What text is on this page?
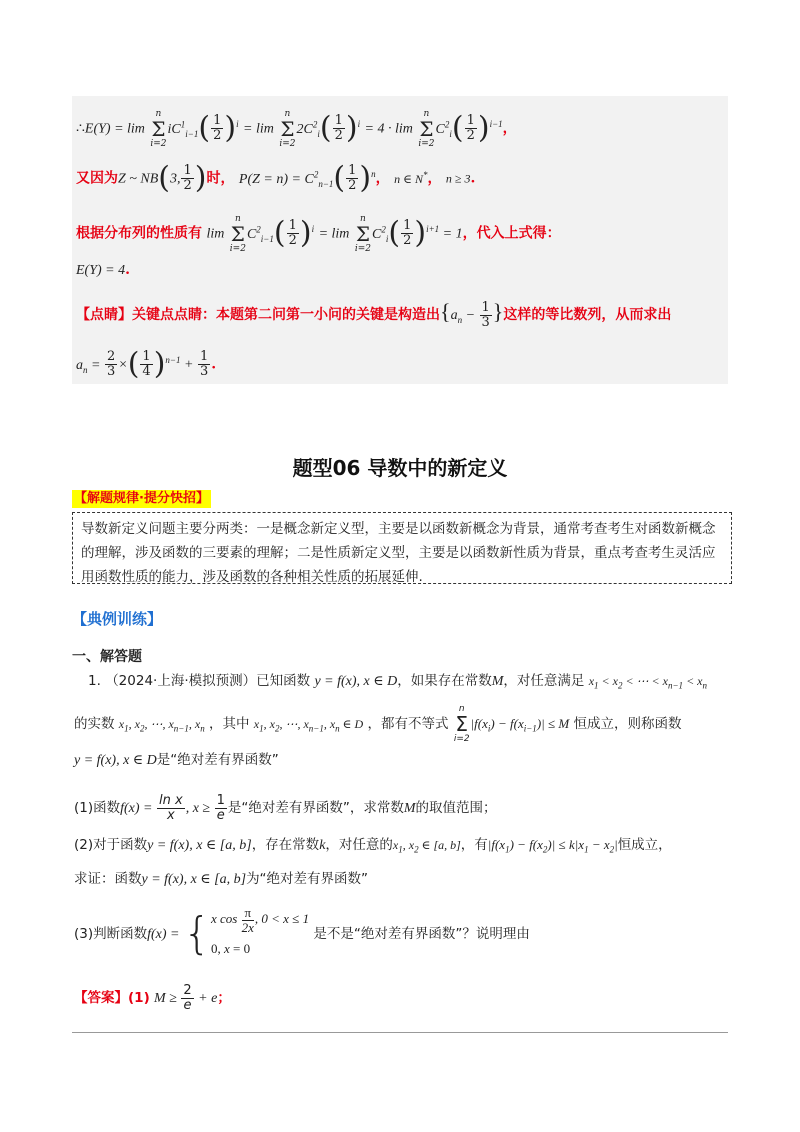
∴E(Y) = lim
n
Σ
i=2
$iC^1_{i-1}( \frac{1}{2} )^i = \lim$
n
Σ
i=2
$2C^2_i( \frac{1}{2} )^i = 4 \cdot \lim$
n
Σ
i=2
$C^2_i( \frac{1}{2} )^{i-1}$，
又因为Z ~ NB(3, $\frac{1}{2}$ )时， $P(Z = n) = C^2_{n-1}( \frac{1}{2} )^n$， n ∈ N*， n ≥ 3.
根据分布列的性质有 lim
n
Σ
i=2
$C^2_{i-1}( \frac{1}{2} )^i = \lim$
n
Σ
i=2
$C^2_i( \frac{1}{2} )^{i+1} = 1$，代入上式得：
E(Y) = 4.
【点睛】关键点点睛：本题第二问第一小问的关键是构造出{$a_n - \frac{1}{3}$ }这样的等比数列，从而求出
$a_n = \frac{2}{3}$ ×( $\frac{1}{4} )^{n-1} + \frac{1}{3}$ .
题型06 导数中的新定义
【解题规律·提分快招】
导数新定义问题主要分两类：一是概念新定义型，主要是以函数新概念为背景，通常考查考生对函数新概念的理解，涉及函数的三要素的理解；二是性质新定义型，主要是以函数新性质为背景，重点考查考生灵活应用函数性质的能力，涉及函数的各种相关性质的拓展延伸.
【典例训练】
一、解答题
1. （2024·上海·模拟预测）已知函数 y = f(x), x ∈ D，如果存在常数M，对任意满足 $x_1 < x_2$ < ⋯ < $x_{n-1} < x_n$
的实数 $x_1$, $x_2$, ⋯, $x_{n-1}$, $x_n$ ，其中 $x_1$, $x_2$, ⋯, $x_{n-1}$, $x_n$ ∈ D ，都有不等式
n
Σ
i=2
$|f(x_i) - f(x_{i-1})| \le M$ 恒成立，则称函数
y = f(x), x ∈ D是“绝对差有界函数”
(1)函数$f(x) = \frac{\text{ln x}}{x}$ , $x \ge \frac{1}{e}$ 是“绝对差有界函数”，求常数M的取值范围；
(2)对于函数y = f(x), x ∈ [a, b]，存在常数k，对任意的$x_1$, $x_2$ ∈ [a, b]，有$|f(x_1) - f(x_2)| \le k|x_1 - x_2|$恒成立，
求证：函数y = f(x), x ∈ [a, b]为“绝对差有界函数”
(3)判断函数f(x) = { x $\cos \frac{\pi}{2x}$ , 0 < x ≤ 1
0, x = 0
是不是“绝对差有界函数”？说明理由
【答案】(1) $M \ge \frac{2}{e} + e$；
